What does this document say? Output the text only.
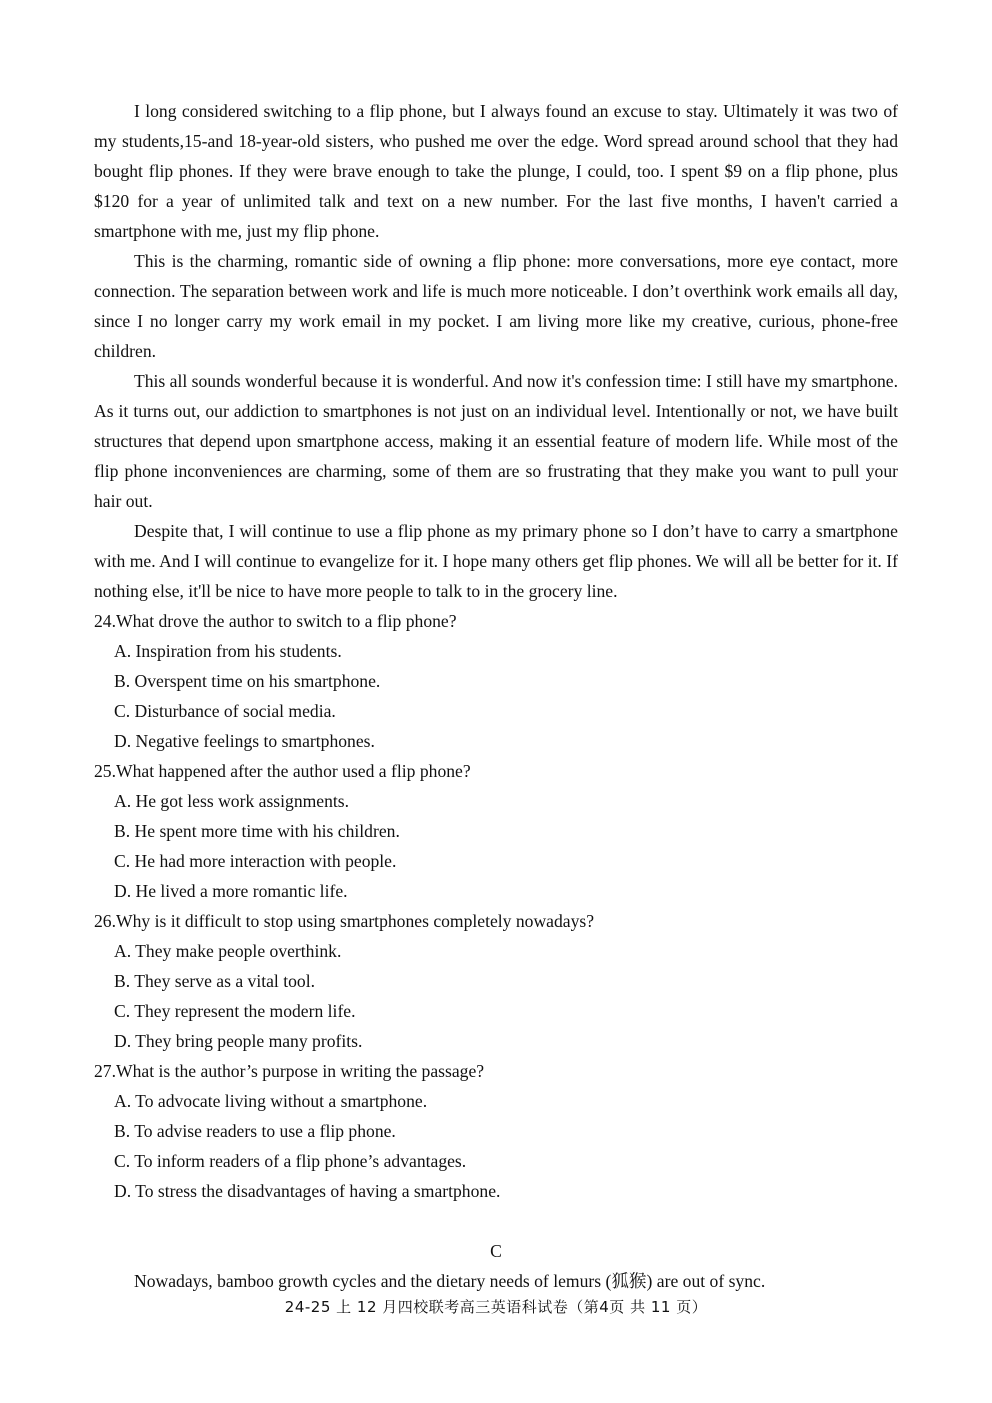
I long considered switching to a flip phone, but I always found an excuse to stay. Ultimately it was two of my students,15-and 18-year-old sisters, who pushed me over the edge. Word spread around school that they had bought flip phones. If they were brave enough to take the plunge, I could, too. I spent $9 on a flip phone, plus $120 for a year of unlimited talk and text on a new number. For the last five months, I haven't carried a smartphone with me, just my flip phone.

This is the charming, romantic side of owning a flip phone: more conversations, more eye contact, more connection. The separation between work and life is much more noticeable. I don’t overthink work emails all day, since I no longer carry my work email in my pocket. I am living more like my creative, curious, phone-free children.

This all sounds wonderful because it is wonderful. And now it's confession time: I still have my smartphone. As it turns out, our addiction to smartphones is not just on an individual level. Intentionally or not, we have built structures that depend upon smartphone access, making it an essential feature of modern life. While most of the flip phone inconveniences are charming, some of them are so frustrating that they make you want to pull your hair out.

Despite that, I will continue to use a flip phone as my primary phone so I don’t have to carry a smartphone with me. And I will continue to evangelize for it. I hope many others get flip phones. We will all be better for it. If nothing else, it'll be nice to have more people to talk to in the grocery line.

24.What drove the author to switch to a flip phone?

A. Inspiration from his students.

B. Overspent time on his smartphone.

C. Disturbance of social media.

D. Negative feelings to smartphones.

25.What happened after the author used a flip phone?

A. He got less work assignments.

B. He spent more time with his children.

C. He had more interaction with people.

D. He lived a more romantic life.

26.Why is it difficult to stop using smartphones completely nowadays?

A. They make people overthink.

B. They serve as a vital tool.

C. They represent the modern life.

D. They bring people many profits.

27.What is the author’s purpose in writing the passage?

A. To advocate living without a smartphone.

B. To advise readers to use a flip phone.

C. To inform readers of a flip phone’s advantages.

D. To stress the disadvantages of having a smartphone.

C

Nowadays, bamboo growth cycles and the dietary needs of lemurs (狐猴) are out of sync.

24-25 上 12 月四校联考高三英语科试卷（第4页 共 11 页）
